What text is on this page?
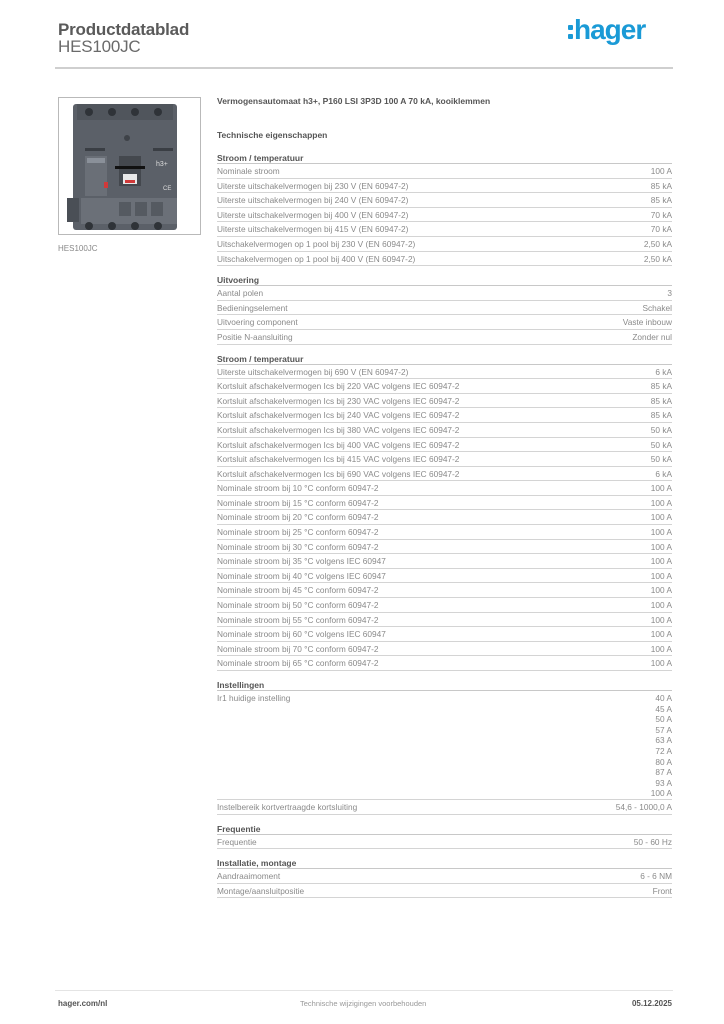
Productdatablad
HES100JC
hager
h3+
CE
HES100JC
Vermogensautomaat h3+, P160 LSI 3P3D 100 A 70 kA, kooiklemmen
Technische eigenschappen
Stroom / temperatuur
Nominale stroom	100 A
Uiterste uitschakelvermogen bij 230 V (EN 60947-2)	85 kA
Uiterste uitschakelvermogen bij 240 V (EN 60947-2)	85 kA
Uiterste uitschakelvermogen bij 400 V (EN 60947-2)	70 kA
Uiterste uitschakelvermogen bij 415 V (EN 60947-2)	70 kA
Uitschakelvermogen op 1 pool bij 230 V (EN 60947-2)	2,50 kA
Uitschakelvermogen op 1 pool bij 400 V (EN 60947-2)	2,50 kA
Uitvoering
Aantal polen	3
Bedieningselement	Schakel
Uitvoering component	Vaste inbouw
Positie N-aansluiting	Zonder nul
Stroom / temperatuur
Uiterste uitschakelvermogen bij 690 V (EN 60947-2)	6 kA
Kortsluit afschakelvermogen Ics bij 220 VAC volgens IEC 60947-2	85 kA
Kortsluit afschakelvermogen Ics bij 230 VAC volgens IEC 60947-2	85 kA
Kortsluit afschakelvermogen Ics bij 240 VAC volgens IEC 60947-2	85 kA
Kortsluit afschakelvermogen Ics bij 380 VAC volgens IEC 60947-2	50 kA
Kortsluit afschakelvermogen Ics bij 400 VAC volgens IEC 60947-2	50 kA
Kortsluit afschakelvermogen Ics bij 415 VAC volgens IEC 60947-2	50 kA
Kortsluit afschakelvermogen Ics bij 690 VAC volgens IEC 60947-2	6 kA
Nominale stroom bij 10 °C conform 60947-2	100 A
Nominale stroom bij 15 °C conform 60947-2	100 A
Nominale stroom bij 20 °C conform 60947-2	100 A
Nominale stroom bij 25 °C conform 60947-2	100 A
Nominale stroom bij 30 °C conform 60947-2	100 A
Nominale stroom bij 35 °C volgens IEC 60947	100 A
Nominale stroom bij 40 °C volgens IEC 60947	100 A
Nominale stroom bij 45 °C conform 60947-2	100 A
Nominale stroom bij 50 °C conform 60947-2	100 A
Nominale stroom bij 55 °C conform 60947-2	100 A
Nominale stroom bij 60 °C volgens IEC 60947	100 A
Nominale stroom bij 70 °C conform 60947-2	100 A
Nominale stroom bij 65 °C conform 60947-2	100 A
Instellingen
Ir1 huidige instelling	40 A
45 A
50 A
57 A
63 A
72 A
80 A
87 A
93 A
100 A
Instelbereik kortvertraagde kortsluiting	54,6 - 1000,0 A
Frequentie
Frequentie	50 - 60 Hz
Installatie, montage
Aandraaimoment	6 - 6 NM
Montage/aansluitpositie	Front
hager.com/nl	Technische wijzigingen voorbehouden	05.12.2025
